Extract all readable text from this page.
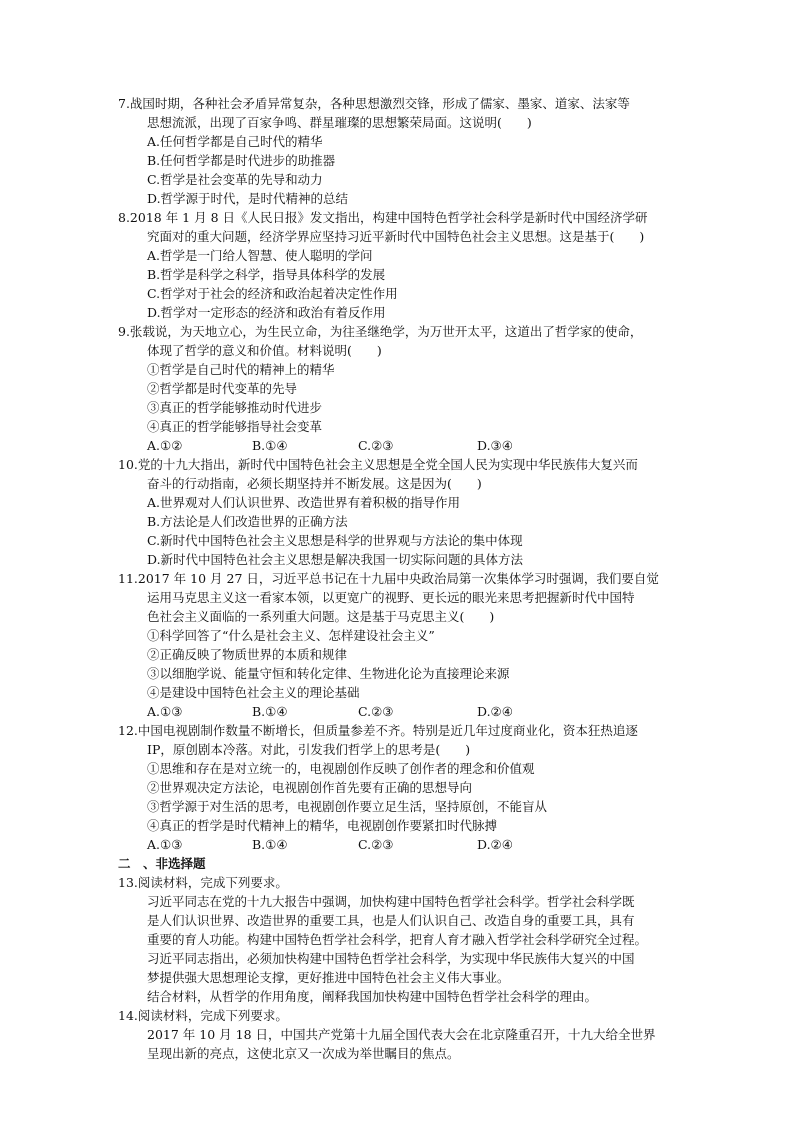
7.战国时期，各种社会矛盾异常复杂，各种思想激烈交锋，形成了儒家、墨家、道家、法家等
思想流派，出现了百家争鸣、群星璀璨的思想繁荣局面。这说明(　　)
A.任何哲学都是自己时代的精华
B.任何哲学都是时代进步的助推器
C.哲学是社会变革的先导和动力
D.哲学源于时代，是时代精神的总结
8.2018 年 1 月 8 日《人民日报》发文指出，构建中国特色哲学社会科学是新时代中国经济学研
究面对的重大问题，经济学界应坚持习近平新时代中国特色社会主义思想。这是基于(　　)
A.哲学是一门给人智慧、使人聪明的学问
B.哲学是科学之科学，指导具体科学的发展
C.哲学对于社会的经济和政治起着决定性作用
D.哲学对一定形态的经济和政治有着反作用
9.张载说，为天地立心，为生民立命，为往圣继绝学，为万世开太平，这道出了哲学家的使命，
体现了哲学的意义和价值。材料说明(　　)
①哲学是自己时代的精神上的精华
②哲学都是时代变革的先导
③真正的哲学能够推动时代进步
④真正的哲学能够指导社会变革
A.①②	B.①④	C.②③	D.③④
10.党的十九大指出，新时代中国特色社会主义思想是全党全国人民为实现中华民族伟大复兴而
奋斗的行动指南，必须长期坚持并不断发展。这是因为(　　)
A.世界观对人们认识世界、改造世界有着积极的指导作用
B.方法论是人们改造世界的正确方法
C.新时代中国特色社会主义思想是科学的世界观与方法论的集中体现
D.新时代中国特色社会主义思想是解决我国一切实际问题的具体方法
11.2017 年 10 月 27 日，习近平总书记在十九届中央政治局第一次集体学习时强调，我们要自觉
运用马克思主义这一看家本领，以更宽广的视野、更长远的眼光来思考把握新时代中国特
色社会主义面临的一系列重大问题。这是基于马克思主义(　　)
①科学回答了“什么是社会主义、怎样建设社会主义”
②正确反映了物质世界的本质和规律
③以细胞学说、能量守恒和转化定律、生物进化论为直接理论来源
④是建设中国特色社会主义的理论基础
A.①③	B.①④	C.②③	D.②④
12.中国电视剧制作数量不断增长，但质量参差不齐。特别是近几年过度商业化，资本狂热追逐
IP，原创剧本冷落。对此，引发我们哲学上的思考是(　　)
①思维和存在是对立统一的，电视剧创作反映了创作者的理念和价值观
②世界观决定方法论，电视剧创作首先要有正确的思想导向
③哲学源于对生活的思考，电视剧创作要立足生活，坚持原创，不能盲从
④真正的哲学是时代精神上的精华，电视剧创作要紧扣时代脉搏
A.①③	B.①④	C.②③	D.②④
二　、非选择题
13.阅读材料，完成下列要求。
习近平同志在党的十九大报告中强调，加快构建中国特色哲学社会科学。哲学社会科学既
是人们认识世界、改造世界的重要工具，也是人们认识自己、改造自身的重要工具，具有
重要的育人功能。构建中国特色哲学社会科学，把育人育才融入哲学社会科学研究全过程。
习近平同志指出，必须加快构建中国特色哲学社会科学，为实现中华民族伟大复兴的中国
梦提供强大思想理论支撑，更好推进中国特色社会主义伟大事业。
结合材料，从哲学的作用角度，阐释我国加快构建中国特色哲学社会科学的理由。
14.阅读材料，完成下列要求。
2017 年 10 月 18 日，中国共产党第十九届全国代表大会在北京隆重召开，十九大给全世界
呈现出新的亮点，这使北京又一次成为举世瞩目的焦点。
